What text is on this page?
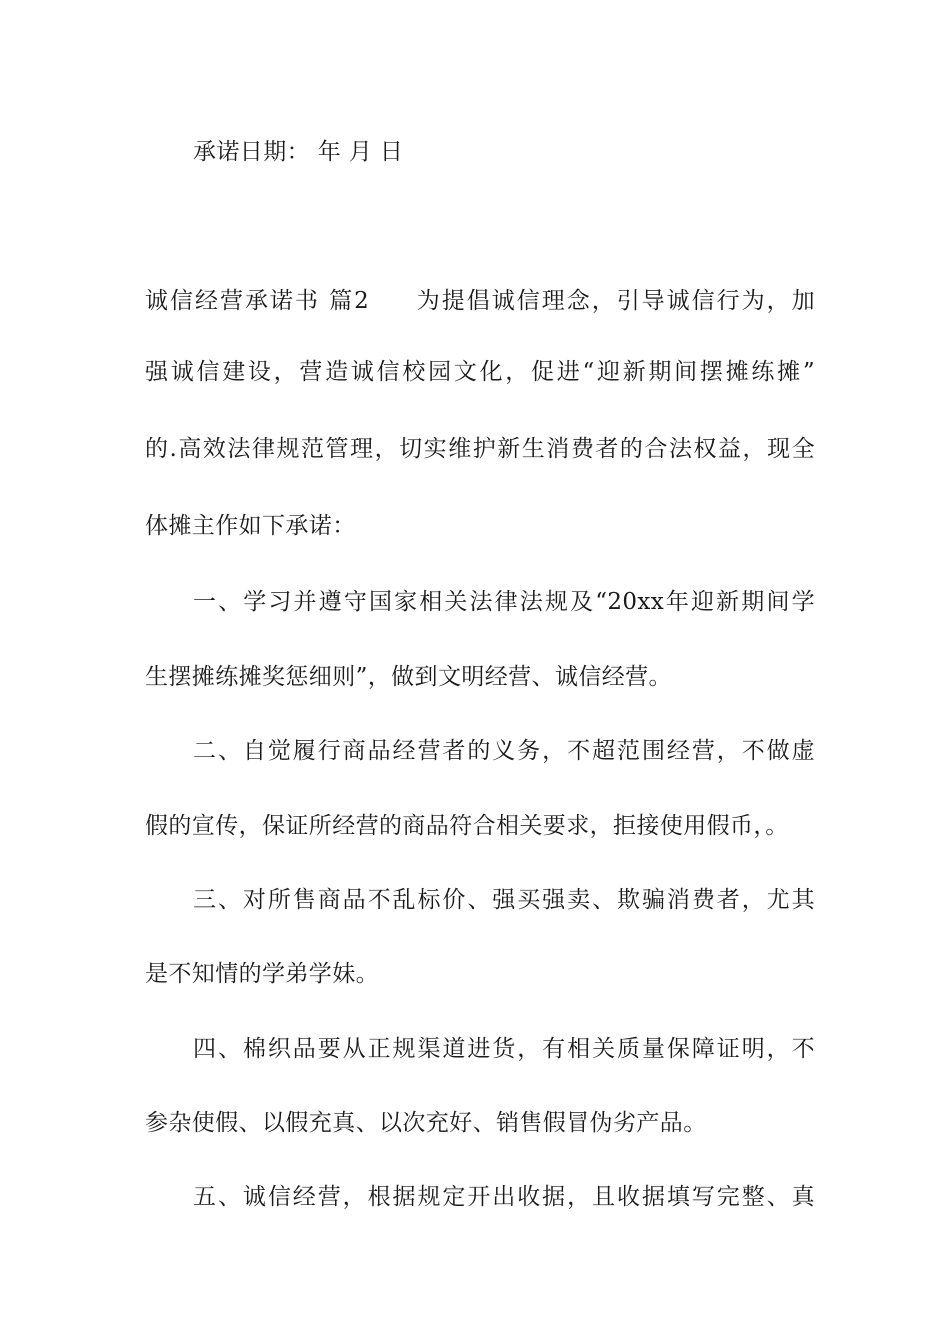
承诺日期： 年 月 日
诚信经营承诺书 篇2 为提倡诚信理念，引导诚信行为，加
强诚信建设，营造诚信校园文化，促进“迎新期间摆摊练摊”
的.高效法律规范管理，切实维护新生消费者的合法权益，现全
体摊主作如下承诺：
一、学习并遵守国家相关法律法规及“20xx年迎新期间学
生摆摊练摊奖惩细则”，做到文明经营、诚信经营。
二、自觉履行商品经营者的义务，不超范围经营，不做虚
假的宣传，保证所经营的商品符合相关要求，拒接使用假币，。
三、对所售商品不乱标价、强买强卖、欺骗消费者，尤其
是不知情的学弟学妹。
四、棉织品要从正规渠道进货，有相关质量保障证明，不
参杂使假、以假充真、以次充好、销售假冒伪劣产品。
五、诚信经营，根据规定开出收据，且收据填写完整、真
